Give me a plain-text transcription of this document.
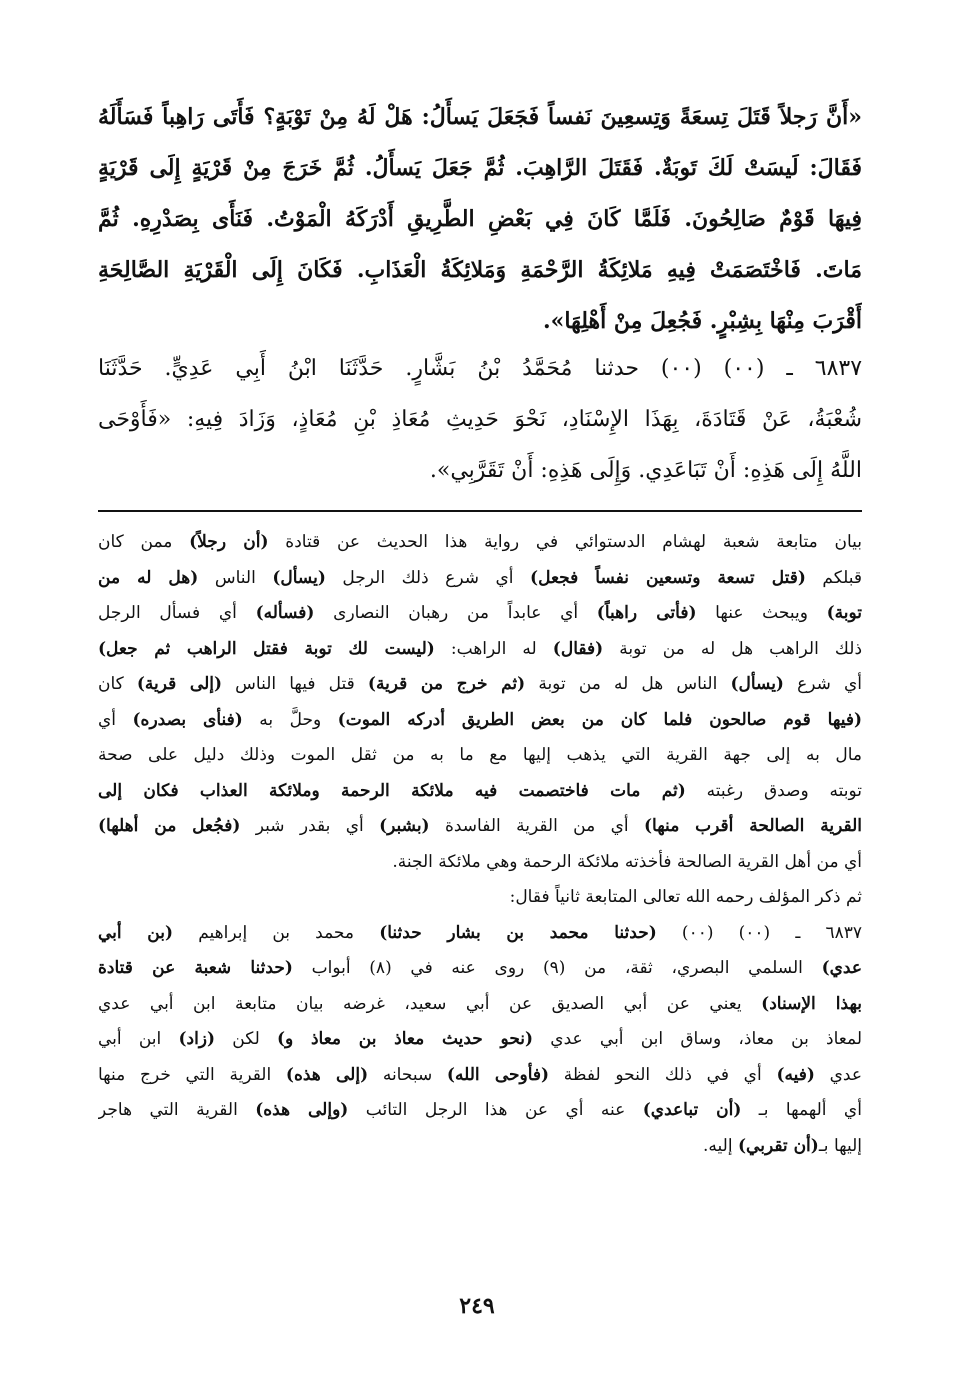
«أَنَّ رَجلاً قَتَلَ تِسعَةً وَتِسعِينَ نَفساً فَجَعَلَ يَسأَلُ: هَلْ لَهُ مِنْ تَوْبَةٍ؟ فَأَتَى رَاهِباً فَسَأَلَهُ
فَقَالَ: لَيسَتْ لَكَ تَوبَةٌ. فَقَتَلَ الرَّاهِبَ. ثُمَّ جَعَلَ يَسأَلُ. ثُمَّ خَرَجَ مِنْ قَرْيَةٍ إِلَى قَرْيَةٍ
فِيهَا قَوْمٌ صَالِحُونَ. فَلَمَّا كَانَ فِي بَعْضِ الطَّرِيقِ أَدْرَكَهُ الْمَوْتُ. فَنَأَى بِصَدْرِهِ. ثُمَّ
مَاتَ. فَاخْتَصَمَتْ فِيهِ مَلائِكَةُ الرَّحْمَةِ وَمَلائِكَةُ الْعَذَابِ. فَكَانَ إِلَى الْقَرْيَةِ الصَّالِحَةِ
أَقْرَبَ مِنْهَا بِشِبْرٍ. فَجُعِلَ مِنْ أَهْلِهَا».
٦٨٣٧ ـ (٠٠) (٠٠) حدثنا مُحَمَّدُ بْنُ بَشَّارٍ. حَدَّثَنَا ابْنُ أَبِي عَدِيٍّ. حَدَّثَنَا
شُعْبَةُ، عَنْ قَتَادَةَ، بِهَذَا الإِسْنَادِ، نَحْوَ حَدِيثِ مُعَاذِ بْنِ مُعَاذٍ، وَزَادَ فِيهِ: «فَأَوْحَى
اللَّهُ إِلَى هَذِهِ: أَنْ تَبَاعَدِي. وَإِلَى هَذِهِ: أَنْ تَقَرَّبِي».
بيان متابعة شعبة لهشام الدستوائي في رواية هذا الحديث عن قتادة (أن رجلاً) ممن كان
قبلكم (قتل تسعة وتسعين نفساً فجعل) أي شرع ذلك الرجل (يسأل) الناس (هل له من
توبة) ويبحث عنها (فأتى راهباً) أي عابداً من رهبان النصارى (فسأله) أي فسأل الرجل
ذلك الراهب هل له من توبة (فقال) له الراهب: (ليست لك توبة فقتل الراهب ثم جعل)
أي شرع (يسأل) الناس هل له من توبة (ثم خرج من قرية) قتل فيها الناس (إلى قرية) كان
(فيها قوم صالحون فلما كان من بعض الطريق أدركه الموت) وحلَّ به (فنأى بصدره) أي
مال به إلى جهة القرية التي يذهب إليها مع ما به من ثقل الموت وذلك دليل على صحة
توبته وصدق رغبته (ثم مات فاختصمت فيه ملائكة الرحمة وملائكة العذاب فكان إلى
القرية الصالحة أقرب منها) أي من القرية الفاسدة (بشبر) أي بقدر شبر (فجُعل من أهلها)
أي من أهل القرية الصالحة فأخذته ملائكة الرحمة وهي ملائكة الجنة.
ثم ذكر المؤلف رحمه الله تعالى المتابعة ثانياً فقال:
٦٨٣٧ ـ (٠٠) (٠٠) (حدثنا محمد بن بشار حدثنا) محمد بن إبراهيم (بن أبي
عدي) السلمي البصري، ثقة، من (٩) روى عنه في (٨) أبواب (حدثنا شعبة عن قتادة
بهذا الإسناد) يعني عن أبي الصديق عن أبي سعيد، غرضه بيان متابعة ابن أبي عدي
لمعاذ بن معاذ، وساق ابن أبي عدي (نحو حديث معاذ بن معاذ و) لكن (زاد) ابن أبي
عدي (فيه) أي في ذلك النحو لفظة (فأوحى الله) سبحانه (إلى هذه) القرية التي خرج منها
أي ألهمها بـ (أن تباعدي) عنه أي عن هذا الرجل التائب (وإلى هذه) القرية التي هاجر
إليها بـ(أن تقربي) إليه.
٢٤٩
